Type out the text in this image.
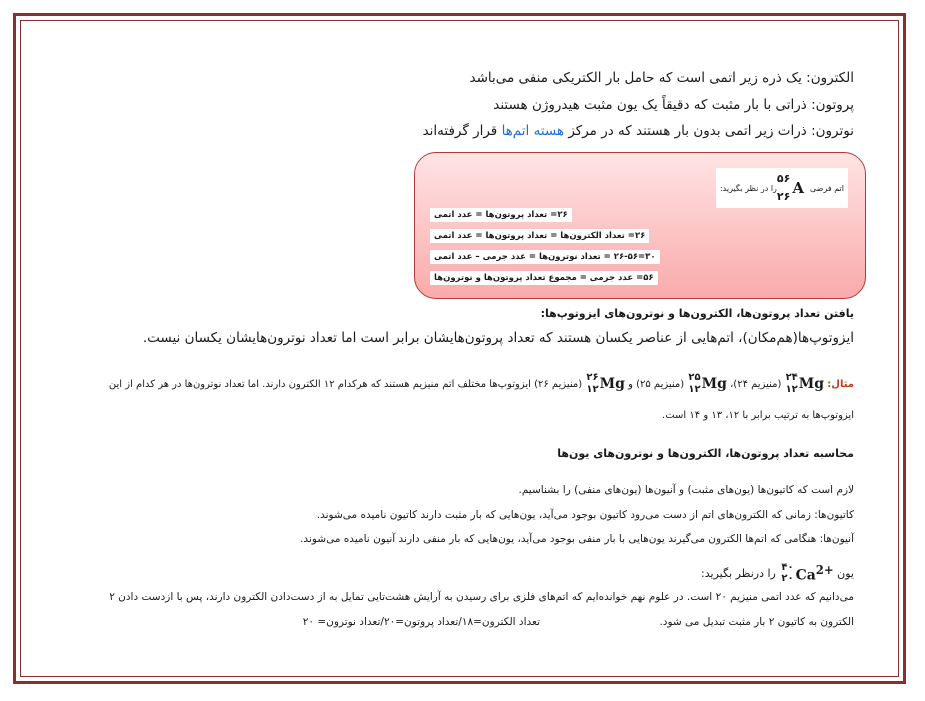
الکترون: یک ذره زیر اتمی است که حامل بار الکتریکی منفی می‌باشد
پروتون: ذراتی با بار مثبت که دقیقاً یک یون مثبت هیدروژن هستند
نوترون: ذرات زیر اتمی بدون بار هستند که در مرکز هسته اتم‌ها قرار گرفته‌اند
اتم فرضی
A
۵۶
۲۶
را در نظر بگیرید:
۲۶= تعداد پروتون‌ها = عدد اتمی
۲۶= تعداد الکترون‌ها = تعداد پروتون‌ها = عدد اتمی
۳۰=۲۶-۵۶ = تعداد نوترون‌ها = عدد جرمی – عدد اتمی
۵۶= عدد جرمی = مجموع تعداد پروتون‌ها و نوترون‌ها
یافتن تعداد پروتون‌ها، الکترون‌ها و نوترون‌های ایزوتوپ‌ها:
ایزوتوپ‌ها(هم‌مکان)، اتم‌هایی از عناصر یکسان هستند که تعداد پروتون‌هایشان برابر است اما تعداد نوترون‌هایشان یکسان نیست.
مثال:

Mg
۲۴
۱۲

(منیزیم ۲۴)،

Mg
۲۵
۱۲

(منیزیم ۲۵) و

Mg
۲۶
۱۲

(منیزیم ۲۶)

ایزوتوپ‌ها مختلف اتم منیزیم هستند که هرکدام ۱۲ الکترون دارند. اما تعداد نوترون‌ها در هر کدام از این
ایزوتوپ‌ها به ترتیب برابر با ۱۲، ۱۳ و ۱۴ است.
محاسبه تعداد پروتون‌ها، الکترون‌ها و نوترون‌های یون‌ها
لازم است که کاتیون‌ها (یون‌های مثبت) و آنیون‌ها (یون‌های منفی) را بشناسیم.
کاتیون‌ها: زمانی که الکترون‌های اتم از دست می‌رود کاتیون بوجود می‌آید، یون‌هایی که بار مثبت دارند کاتیون نامیده می‌شوند.
آنیون‌ها: هنگامی که اتم‌ها الکترون می‌گیرند یون‌هایی با بار منفی بوجود می‌آید، یون‌هایی که بار منفی دارند آنیون نامیده می‌شوند.
یون

$Ca^{2+}$
۴۰
۲۰

را درنظر بگیرید:
می‌دانیم که عدد اتمی منیزیم ۲۰ است. در علوم نهم خوانده‌ایم که اتم‌های فلزی برای رسیدن به آرایش هشت‌تایی تمایل به از دست‌دادن الکترون دارند، پس با ازدست دادن ۲
الکترون به کاتیون ۲ بار مثبت تبدیل می شود.
تعداد الکترون=۱۸/تعداد پروتون=۲۰/تعداد نوترون= ۲۰
